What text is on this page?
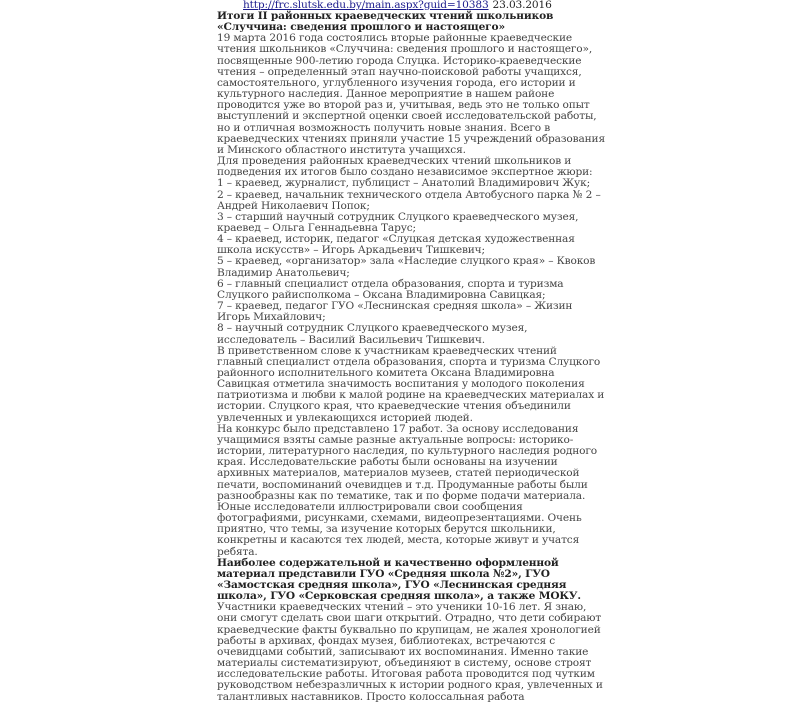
http://frc.slutsk.edu.by/main.aspx?guid=10383 23.03.2016

Итоги II районных краеведческих чтений школьников «Случчина: сведения прошлого и настоящего»

19 марта 2016 года состоялись вторые районные краеведческие чтения школьников «Случчина: сведения прошлого и настоящего», посвященные 900-летию города Слуцка. Историко-краеведческие чтения – определенный этап научно-поисковой работы учащихся, самостоятельного, углубленного изучения города, его истории и культурного наследия. Данное мероприятие в нашем районе проводится уже во второй раз и, учитывая, ведь это не только опыт выступлений и экспертной оценки своей исследовательской работы, но и отличная возможность получить новые знания. Всего в краеведческих чтениях приняли участие 15 учреждений образования и Минского областного института учащихся.

Для проведения районных краеведческих чтений школьников и подведения их итогов было создано независимое экспертное жюри:

1 – краевед, журналист, публицист – Анатолий Владимирович Жук;

2 – краевед, начальник технического отдела Автобусного парка № 2 – Андрей Николаевич Попок;

3 – старший научный сотрудник Слуцкого краеведческого музея, краевед – Ольга Геннадьевна Тарус;

4 – краевед, историк, педагог «Слуцкая детская художественная школа искусств» – Игорь Аркадьевич Тишкевич;

5 – краевед, «организатор» зала «Наследие слуцкого края» – Квоков Владимир Анатольевич;

6 – главный специалист отдела образования, спорта и туризма Слуцкого райисполкома – Оксана Владимировна Савицкая;

7 – краевед, педагог ГУО «Леснинская средняя школа» – Жизин Игорь Михайлович;

8 – научный сотрудник Слуцкого краеведческого музея, исследователь – Василий Васильевич Тишкевич.

В приветственном слове к участникам краеведческих чтений главный специалист отдела образования, спорта и туризма Слуцкого районного исполнительного комитета Оксана Владимировна Савицкая отметила значимость воспитания у молодого поколения патриотизма и любви к малой родине на краеведческих материалах и истории. Слуцкого края, что краеведческие чтения объединили увлеченных и увлекающихся историей людей.

На конкурс было представлено 17 работ. За основу исследования учащимися взяты самые разные актуальные вопросы: историко-истории, литературного наследия, по культурного наследия родного края. Исследовательские работы были основаны на изучении архивных материалов, материалов музеев, статей периодической печати, воспоминаний очевидцев и т.д. Продуманные работы были разнообразны как по тематике, так и по форме подачи материала. Юные исследователи иллюстрировали свои сообщения фотографиями, рисунками, схемами, видеопрезентациями. Очень приятно, что темы, за изучение которых берутся школьники, конкретны и касаются тех людей, места, которые живут и учатся ребята.

Наиболее содержательной и качественно оформленной материал представили ГУО «Средняя школа №2», ГУО «Замостская средняя школа», ГУО «Леснинская средняя школа», ГУО «Серковская средняя школа», а также МОКУ.

Участники краеведческих чтений – это ученики 10-16 лет. Я знаю, они смогут сделать свои шаги открытий. Отрадно, что дети собирают краеведческие факты буквально по крупицам, не жалея хронологией работы в архивах, фондах музея, библиотеках, встречаются с очевидцами событий, записывают их воспоминания. Именно такие материалы систематизируют, объединяют в систему, основе строят исследовательские работы. Итоговая работа проводится под чутким руководством небезразличных к истории родного края, увлеченных и талантливых наставников. Просто колоссальная работа
